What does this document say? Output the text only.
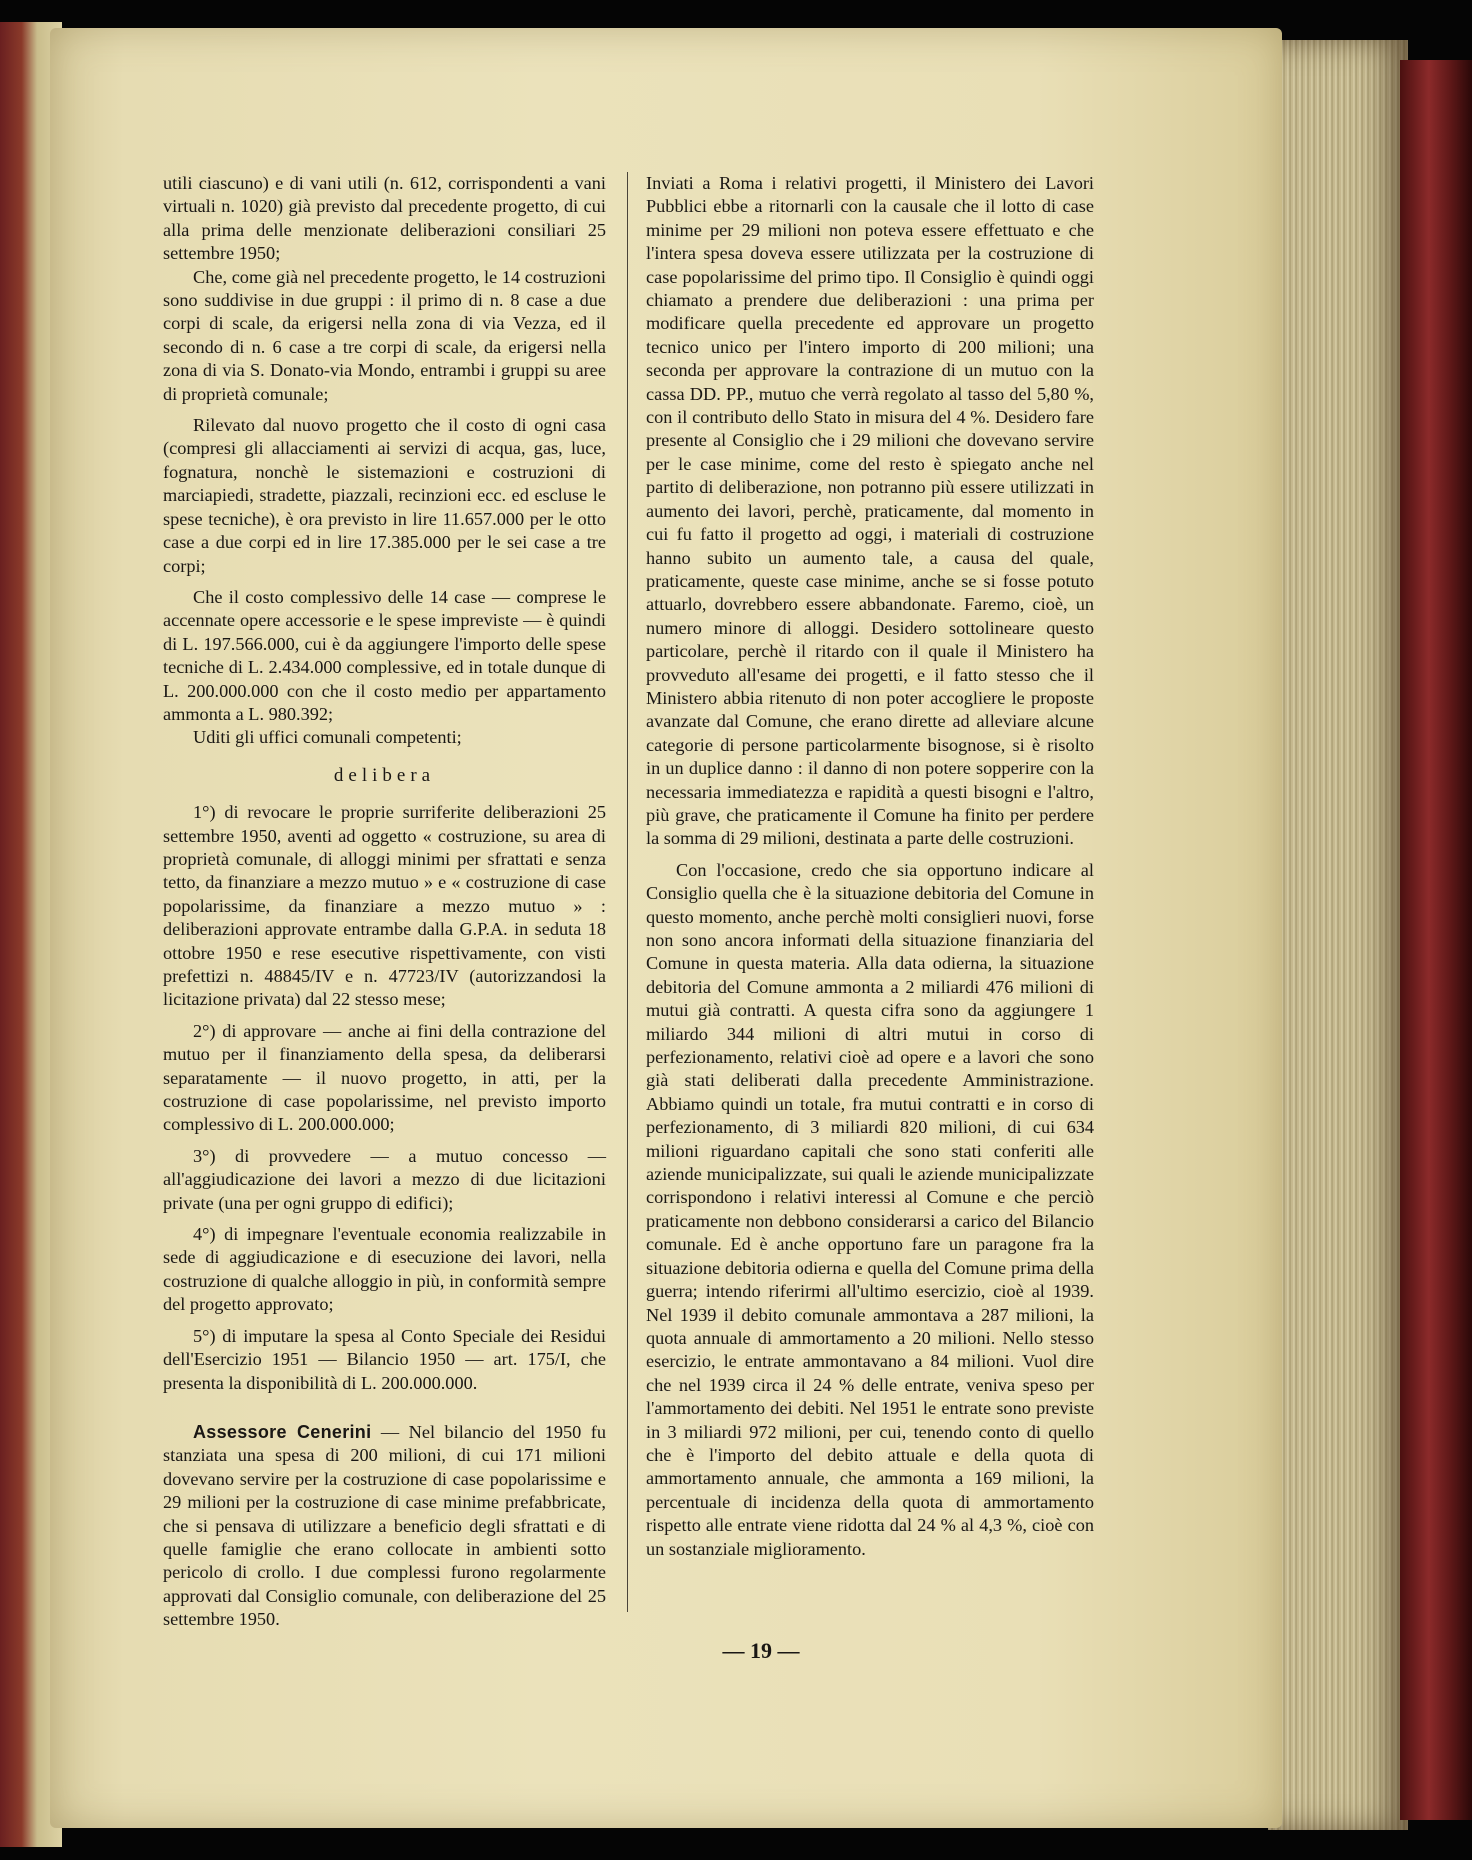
utili ciascuno) e di vani utili (n. 612, corrispondenti a vani virtuali n. 1020) già previsto dal precedente progetto, di cui alla prima delle menzionate deliberazioni consiliari 25 settembre 1950;

Che, come già nel precedente progetto, le 14 costruzioni sono suddivise in due gruppi : il primo di n. 8 case a due corpi di scale, da erigersi nella zona di via Vezza, ed il secondo di n. 6 case a tre corpi di scale, da erigersi nella zona di via S. Donato-via Mondo, entrambi i gruppi su aree di proprietà comunale;

Rilevato dal nuovo progetto che il costo di ogni casa (compresi gli allacciamenti ai servizi di acqua, gas, luce, fognatura, nonchè le sistemazioni e costruzioni di marciapiedi, stradette, piazzali, recinzioni ecc. ed escluse le spese tecniche), è ora previsto in lire 11.657.000 per le otto case a due corpi ed in lire 17.385.000 per le sei case a tre corpi;

Che il costo complessivo delle 14 case — comprese le accennate opere accessorie e le spese impreviste — è quindi di L. 197.566.000, cui è da aggiungere l'importo delle spese tecniche di L. 2.434.000 complessive, ed in totale dunque di L. 200.000.000 con che il costo medio per appartamento ammonta a L. 980.392;

Uditi gli uffici comunali competenti;

delibera

1°) di revocare le proprie surriferite deliberazioni 25 settembre 1950, aventi ad oggetto « costruzione, su area di proprietà comunale, di alloggi minimi per sfrattati e senza tetto, da finanziare a mezzo mutuo » e « costruzione di case popolarissime, da finanziare a mezzo mutuo » : deliberazioni approvate entrambe dalla G.P.A. in seduta 18 ottobre 1950 e rese esecutive rispettivamente, con visti prefettizi n. 48845/IV e n. 47723/IV (autorizzandosi la licitazione privata) dal 22 stesso mese;

2°) di approvare — anche ai fini della contrazione del mutuo per il finanziamento della spesa, da deliberarsi separatamente — il nuovo progetto, in atti, per la costruzione di case popolarissime, nel previsto importo complessivo di L. 200.000.000;

3°) di provvedere — a mutuo concesso — all'aggiudicazione dei lavori a mezzo di due licitazioni private (una per ogni gruppo di edifici);

4°) di impegnare l'eventuale economia realizzabile in sede di aggiudicazione e di esecuzione dei lavori, nella costruzione di qualche alloggio in più, in conformità sempre del progetto approvato;

5°) di imputare la spesa al Conto Speciale dei Residui dell'Esercizio 1951 — Bilancio 1950 — art. 175/I, che presenta la disponibilità di L. 200.000.000.

Assessore Cenerini — Nel bilancio del 1950 fu stanziata una spesa di 200 milioni, di cui 171 milioni dovevano servire per la costruzione di case popolarissime e 29 milioni per la costruzione di case minime prefabbricate, che si pensava di utilizzare a beneficio degli sfrattati e di quelle famiglie che erano collocate in ambienti sotto pericolo di crollo. I due complessi furono regolarmente approvati dal Consiglio comunale, con deliberazione del 25 settembre 1950.

Inviati a Roma i relativi progetti, il Ministero dei Lavori Pubblici ebbe a ritornarli con la causale che il lotto di case minime per 29 milioni non poteva essere effettuato e che l'intera spesa doveva essere utilizzata per la costruzione di case popolarissime del primo tipo. Il Consiglio è quindi oggi chiamato a prendere due deliberazioni : una prima per modificare quella precedente ed approvare un progetto tecnico unico per l'intero importo di 200 milioni; una seconda per approvare la contrazione di un mutuo con la cassa DD. PP., mutuo che verrà regolato al tasso del 5,80 %, con il contributo dello Stato in misura del 4 %. Desidero fare presente al Consiglio che i 29 milioni che dovevano servire per le case minime, come del resto è spiegato anche nel partito di deliberazione, non potranno più essere utilizzati in aumento dei lavori, perchè, praticamente, dal momento in cui fu fatto il progetto ad oggi, i materiali di costruzione hanno subito un aumento tale, a causa del quale, praticamente, queste case minime, anche se si fosse potuto attuarlo, dovrebbero essere abbandonate. Faremo, cioè, un numero minore di alloggi. Desidero sottolineare questo particolare, perchè il ritardo con il quale il Ministero ha provveduto all'esame dei progetti, e il fatto stesso che il Ministero abbia ritenuto di non poter accogliere le proposte avanzate dal Comune, che erano dirette ad alleviare alcune categorie di persone particolarmente bisognose, si è risolto in un duplice danno : il danno di non potere sopperire con la necessaria immediatezza e rapidità a questi bisogni e l'altro, più grave, che praticamente il Comune ha finito per perdere la somma di 29 milioni, destinata a parte delle costruzioni.

Con l'occasione, credo che sia opportuno indicare al Consiglio quella che è la situazione debitoria del Comune in questo momento, anche perchè molti consiglieri nuovi, forse non sono ancora informati della situazione finanziaria del Comune in questa materia. Alla data odierna, la situazione debitoria del Comune ammonta a 2 miliardi 476 milioni di mutui già contratti. A questa cifra sono da aggiungere 1 miliardo 344 milioni di altri mutui in corso di perfezionamento, relativi cioè ad opere e a lavori che sono già stati deliberati dalla precedente Amministrazione. Abbiamo quindi un totale, fra mutui contratti e in corso di perfezionamento, di 3 miliardi 820 milioni, di cui 634 milioni riguardano capitali che sono stati conferiti alle aziende municipalizzate, sui quali le aziende municipalizzate corrispondono i relativi interessi al Comune e che perciò praticamente non debbono considerarsi a carico del Bilancio comunale. Ed è anche opportuno fare un paragone fra la situazione debitoria odierna e quella del Comune prima della guerra; intendo riferirmi all'ultimo esercizio, cioè al 1939. Nel 1939 il debito comunale ammontava a 287 milioni, la quota annuale di ammortamento a 20 milioni. Nello stesso esercizio, le entrate ammontavano a 84 milioni. Vuol dire che nel 1939 circa il 24 % delle entrate, veniva speso per l'ammortamento dei debiti. Nel 1951 le entrate sono previste in 3 miliardi 972 milioni, per cui, tenendo conto di quello che è l'importo del debito attuale e della quota di ammortamento annuale, che ammonta a 169 milioni, la percentuale di incidenza della quota di ammortamento rispetto alle entrate viene ridotta dal 24 % al 4,3 %, cioè con un sostanziale miglioramento.

— 19 —
